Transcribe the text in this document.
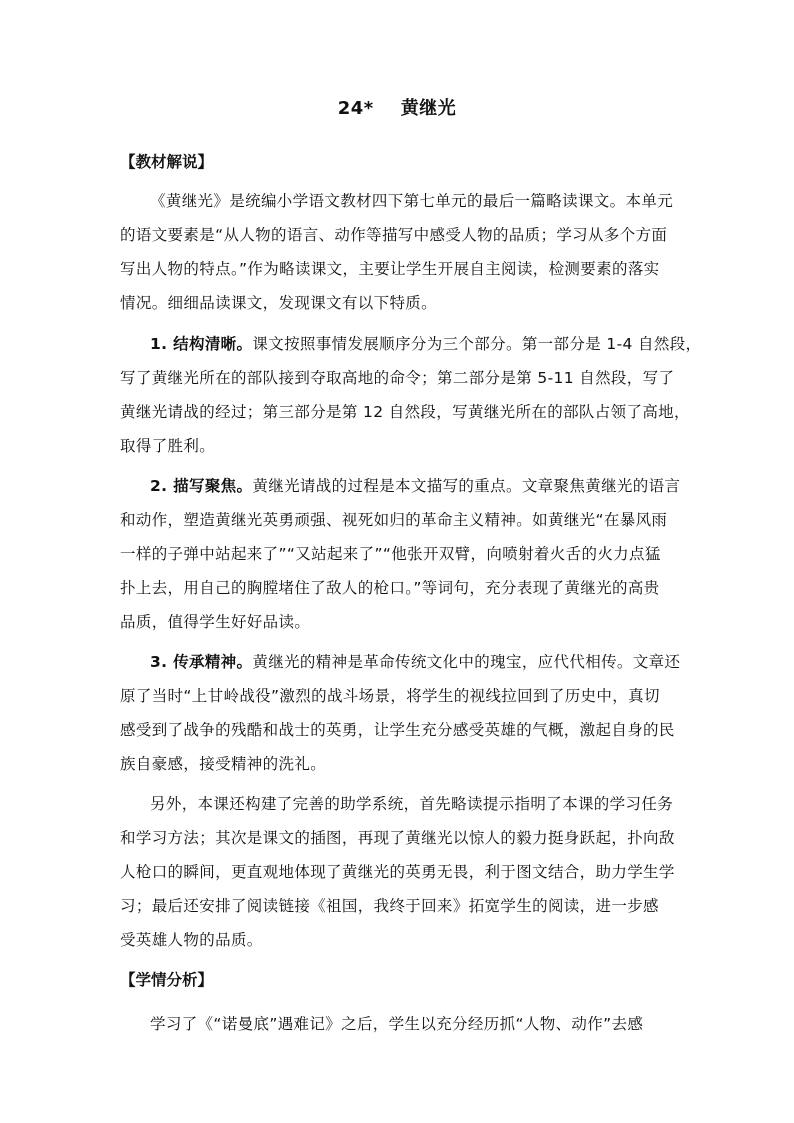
24*    黄继光
【教材解说】
《黄继光》是统编小学语文教材四下第七单元的最后一篇略读课文。本单元
的语文要素是“从人物的语言、动作等描写中感受人物的品质；学习从多个方面
写出人物的特点。”作为略读课文，主要让学生开展自主阅读，检测要素的落实
情况。细细品读课文，发现课文有以下特质。
1. 结构清晰。课文按照事情发展顺序分为三个部分。第一部分是 1-4 自然段，
写了黄继光所在的部队接到夺取高地的命令；第二部分是第 5-11 自然段，写了
黄继光请战的经过；第三部分是第 12 自然段，写黄继光所在的部队占领了高地，
取得了胜利。
2. 描写聚焦。黄继光请战的过程是本文描写的重点。文章聚焦黄继光的语言
和动作，塑造黄继光英勇顽强、视死如归的革命主义精神。如黄继光“在暴风雨
一样的子弹中站起来了”“又站起来了”“他张开双臂，向喷射着火舌的火力点猛
扑上去，用自己的胸膛堵住了敌人的枪口。”等词句，充分表现了黄继光的高贵
品质，值得学生好好品读。
3. 传承精神。黄继光的精神是革命传统文化中的瑰宝，应代代相传。文章还
原了当时“上甘岭战役”激烈的战斗场景，将学生的视线拉回到了历史中，真切
感受到了战争的残酷和战士的英勇，让学生充分感受英雄的气概，激起自身的民
族自豪感，接受精神的洗礼。
另外，本课还构建了完善的助学系统，首先略读提示指明了本课的学习任务
和学习方法；其次是课文的插图，再现了黄继光以惊人的毅力挺身跃起，扑向敌
人枪口的瞬间，更直观地体现了黄继光的英勇无畏，利于图文结合，助力学生学
习；最后还安排了阅读链接《祖国，我终于回来》拓宽学生的阅读，进一步感
受英雄人物的品质。
【学情分析】
学习了《“诺曼底”遇难记》之后，学生以充分经历抓“人物、动作”去感
